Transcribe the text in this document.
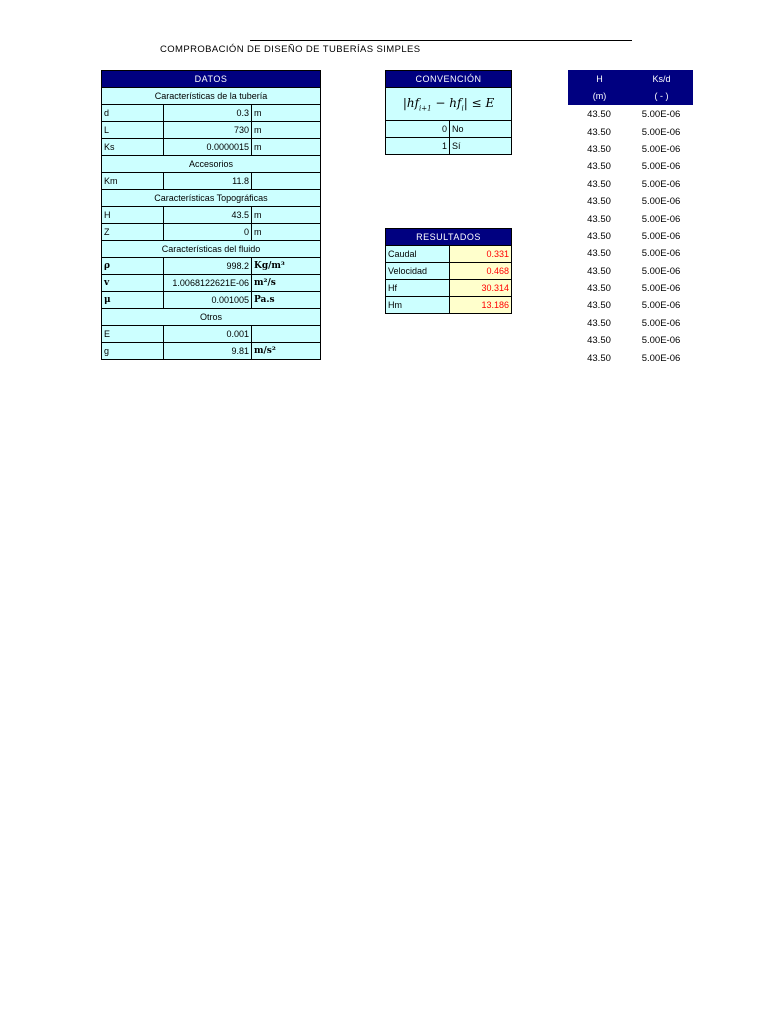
COMPROBACIÓN DE DISEÑO DE TUBERÍAS SIMPLES
DATOS		
Características de la tubería		
d	0.3	m
L	730	m
Ks	0.0000015	m
Accesorios		
Km	11.8	
Características Topográficas		
H	43.5	m
Z	0	m
Características del fluido		
ρ	998.2	Kg/m³
v	1.0068122621E-06	m²/s
μ	0.001005	Pa.s
Otros		
E	0.001	
g	9.81	m/s²
CONVENCIÓN	
$|hf_{i+1} - hf_i| \le E$	
0	No
1	Sí
RESULTADOS	
Caudal	0.331
Velocidad	0.468
Hf	30.314
Hm	13.186
H	Ks/d
(m)	( - )
43.50	5.00E-06
43.50	5.00E-06
43.50	5.00E-06
43.50	5.00E-06
43.50	5.00E-06
43.50	5.00E-06
43.50	5.00E-06
43.50	5.00E-06
43.50	5.00E-06
43.50	5.00E-06
43.50	5.00E-06
43.50	5.00E-06
43.50	5.00E-06
43.50	5.00E-06
43.50	5.00E-06
